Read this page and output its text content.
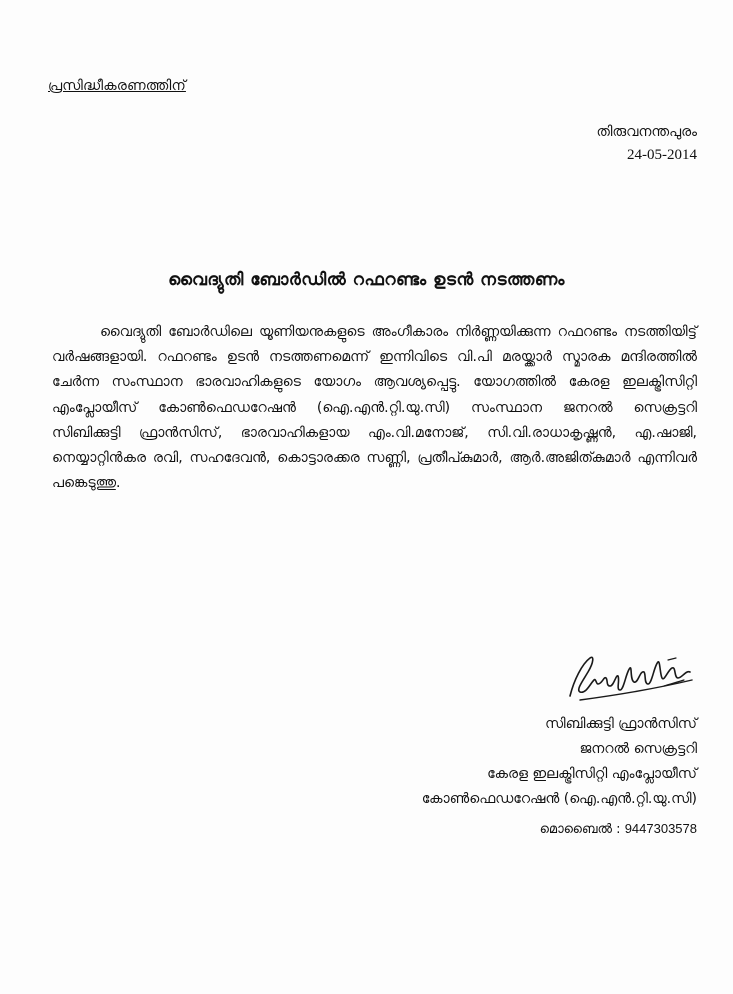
പ്രസിദ്ധീകരണത്തിന്
തിരുവനന്തപുരം
24-05-2014
വൈദ്യുതി ബോർഡിൽ റഫറണ്ടം ഉടൻ നടത്തണം
വൈദ്യുതി ബോർഡിലെ യൂണിയനുകളുടെ അംഗീകാരം നിർണ്ണയിക്കുന്ന റഫറണ്ടം നടത്തിയിട്ട് വർഷങ്ങളായി. റഫറണ്ടം ഉടൻ നടത്തണമെന്ന് ഇന്നിവിടെ വി.പി മരയ്ക്കാർ സ്മാരക മന്ദിരത്തിൽ ചേർന്ന സംസ്ഥാന ഭാരവാഹികളുടെ യോഗം ആവശ്യപ്പെട്ടു. യോഗത്തിൽ കേരള ഇലക്ട്രിസിറ്റി എംപ്ലോയീസ് കോൺഫെഡറേഷൻ (ഐ.എൻ.റ്റി.യു.സി) സംസ്ഥാന ജനറൽ സെക്രട്ടറി സിബിക്കുട്ടി ഫ്രാൻസിസ്, ഭാരവാഹികളായ എം.വി.മനോജ്, സി.വി.രാധാകൃഷ്ണൻ, എ.ഷാജി, നെയ്യാറ്റിൻകര രവി, സഹദേവൻ, കൊട്ടാരക്കര സണ്ണി, പ്രതീപ്കുമാർ, ആർ.അജിത്കുമാർ എന്നിവർ പങ്കെടുത്തു.
സിബിക്കുട്ടി ഫ്രാൻസിസ്
ജനറൽ സെക്രട്ടറി
കേരള ഇലക്ട്രിസിറ്റി എംപ്ലോയീസ്
കോൺഫെഡറേഷൻ (ഐ.എൻ.റ്റി.യു.സി)
മൊബൈൽ : 9447303578
